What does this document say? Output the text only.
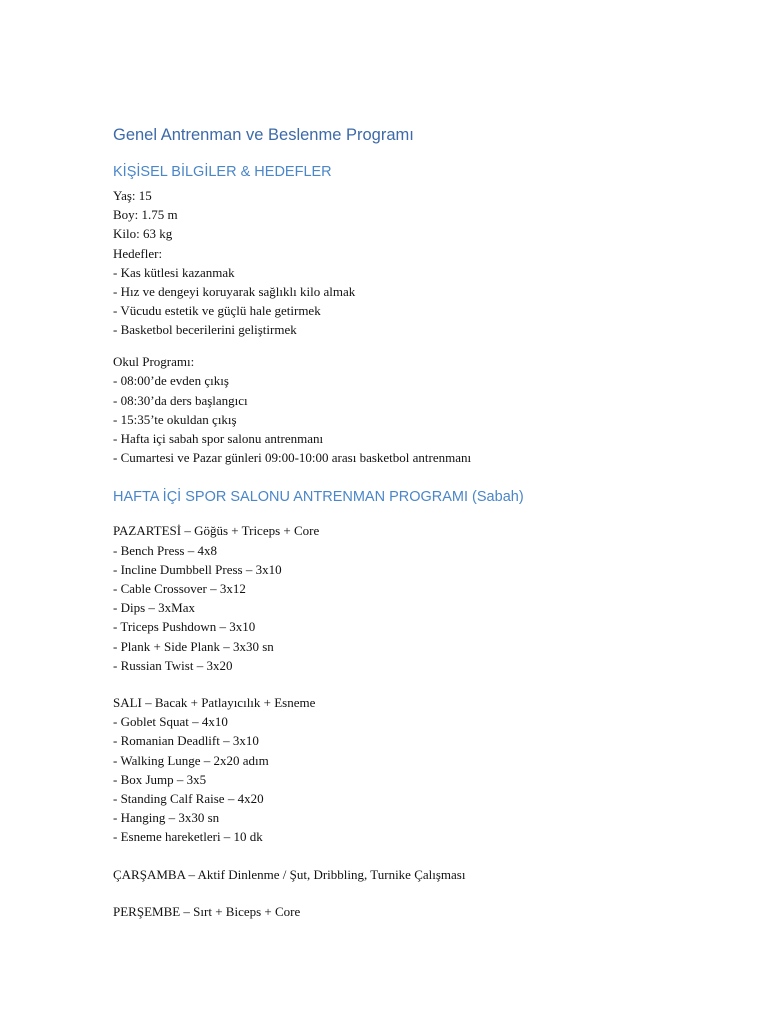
Genel Antrenman ve Beslenme Programı
KİŞİSEL BİLGİLER & HEDEFLER
Yaş: 15
Boy: 1.75 m
Kilo: 63 kg
Hedefler:
- Kas kütlesi kazanmak
- Hız ve dengeyi koruyarak sağlıklı kilo almak
- Vücudu estetik ve güçlü hale getirmek
- Basketbol becerilerini geliştirmek
Okul Programı:
- 08:00’de evden çıkış
- 08:30’da ders başlangıcı
- 15:35’te okuldan çıkış
- Hafta içi sabah spor salonu antrenmanı
- Cumartesi ve Pazar günleri 09:00-10:00 arası basketbol antrenmanı
HAFTA İÇİ SPOR SALONU ANTRENMAN PROGRAMI (Sabah)
PAZARTESİ – Göğüs + Triceps + Core
- Bench Press – 4x8
- Incline Dumbbell Press – 3x10
- Cable Crossover – 3x12
- Dips – 3xMax
- Triceps Pushdown – 3x10
- Plank + Side Plank – 3x30 sn
- Russian Twist – 3x20
SALI – Bacak + Patlayıcılık + Esneme
- Goblet Squat – 4x10
- Romanian Deadlift – 3x10
- Walking Lunge – 2x20 adım
- Box Jump – 3x5
- Standing Calf Raise – 4x20
- Hanging – 3x30 sn
- Esneme hareketleri – 10 dk
ÇARŞAMBA – Aktif Dinlenme / Şut, Dribbling, Turnike Çalışması
PERŞEMBE – Sırt + Biceps + Core
